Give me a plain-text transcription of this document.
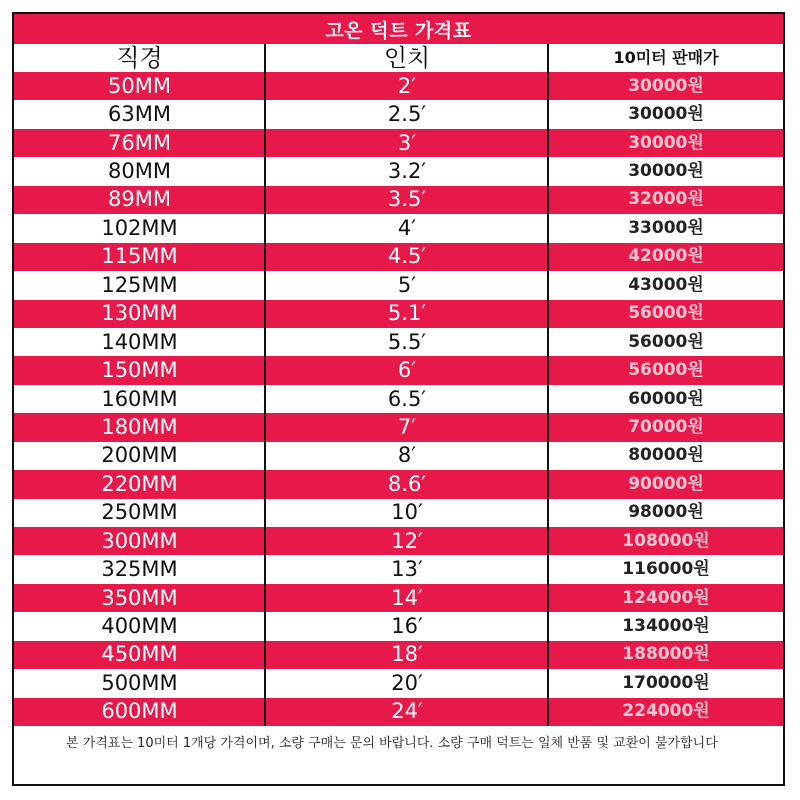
고온 덕트 가격표
직경	인치	10미터 판매가
50MM	2′	30000원
63MM	2.5′	30000원
76MM	3′	30000원
80MM	3.2′	30000원
89MM	3.5′	32000원
102MM	4′	33000원
115MM	4.5′	42000원
125MM	5′	43000원
130MM	5.1′	56000원
140MM	5.5′	56000원
150MM	6′	56000원
160MM	6.5′	60000원
180MM	7′	70000원
200MM	8′	80000원
220MM	8.6′	90000원
250MM	10′	98000원
300MM	12′	108000원
325MM	13′	116000원
350MM	14′	124000원
400MM	16′	134000원
450MM	18′	188000원
500MM	20′	170000원
600MM	24′	224000원
본 가격표는 10미터 1개당 가격이며, 소량 구매는 문의 바랍니다. 소량 구매 덕트는 일체 반품 및 교환이 불가합니다
